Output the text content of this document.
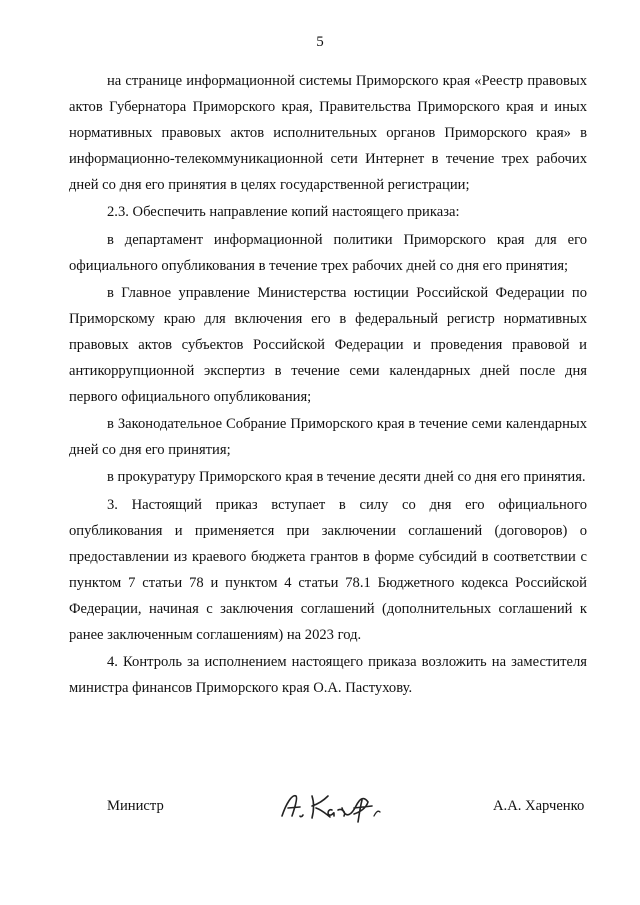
5

на странице информационной системы Приморского края «Реестр правовых актов Губернатора Приморского края, Правительства Приморского края и иных нормативных правовых актов исполнительных органов Приморского края» в информационно-телекоммуникационной сети Интернет в течение трех рабочих дней со дня его принятия в целях государственной регистрации;

2.3. Обеспечить направление копий настоящего приказа:

в департамент информационной политики Приморского края для его официального опубликования в течение трех рабочих дней со дня его принятия;

в Главное управление Министерства юстиции Российской Федерации по Приморскому краю для включения его в федеральный регистр нормативных правовых актов субъектов Российской Федерации и проведения правовой и антикоррупционной экспертиз в течение семи календарных дней после дня первого официального опубликования;

в Законодательное Собрание Приморского края в течение семи календарных дней со дня его принятия;

в прокуратуру Приморского края в течение десяти дней со дня его принятия.

3. Настоящий приказ вступает в силу со дня его официального опубликования и применяется при заключении соглашений (договоров) о предоставлении из краевого бюджета грантов в форме субсидий в соответствии с пунктом 7 статьи 78 и пунктом 4 статьи 78.1 Бюджетного кодекса Российской Федерации, начиная с заключения соглашений (дополнительных соглашений к ранее заключенным соглашениям) на 2023 год.

4. Контроль за исполнением настоящего приказа возложить на заместителя министра финансов Приморского края О.А. Пастухову.

Министр	А.А. Харченко
